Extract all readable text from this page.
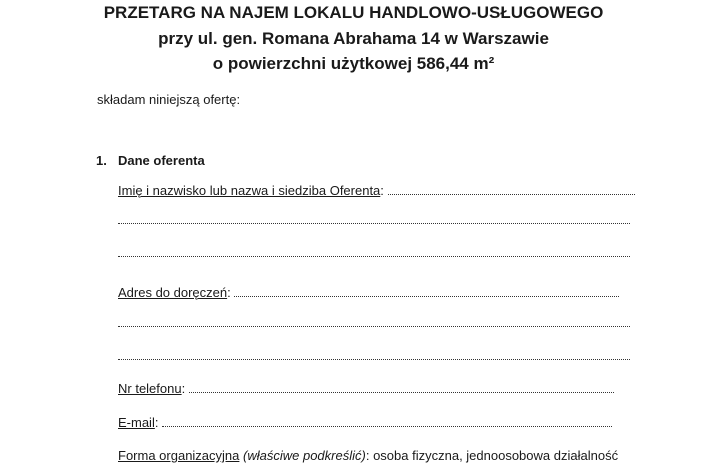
PRZETARG NA NAJEM LOKALU HANDLOWO-USŁUGOWEGO
przy ul. gen. Romana Abrahama 14 w Warszawie
o powierzchni użytkowej 586,44 m²
składam niniejszą ofertę:
1. Dane oferenta
Imię i nazwisko lub nazwa i siedziba Oferenta:
Adres do doręczeń:
Nr telefonu:
E-mail:
Forma organizacyjna (właściwe podkreślić): osoba fizyczna, jednoosobowa działalność
